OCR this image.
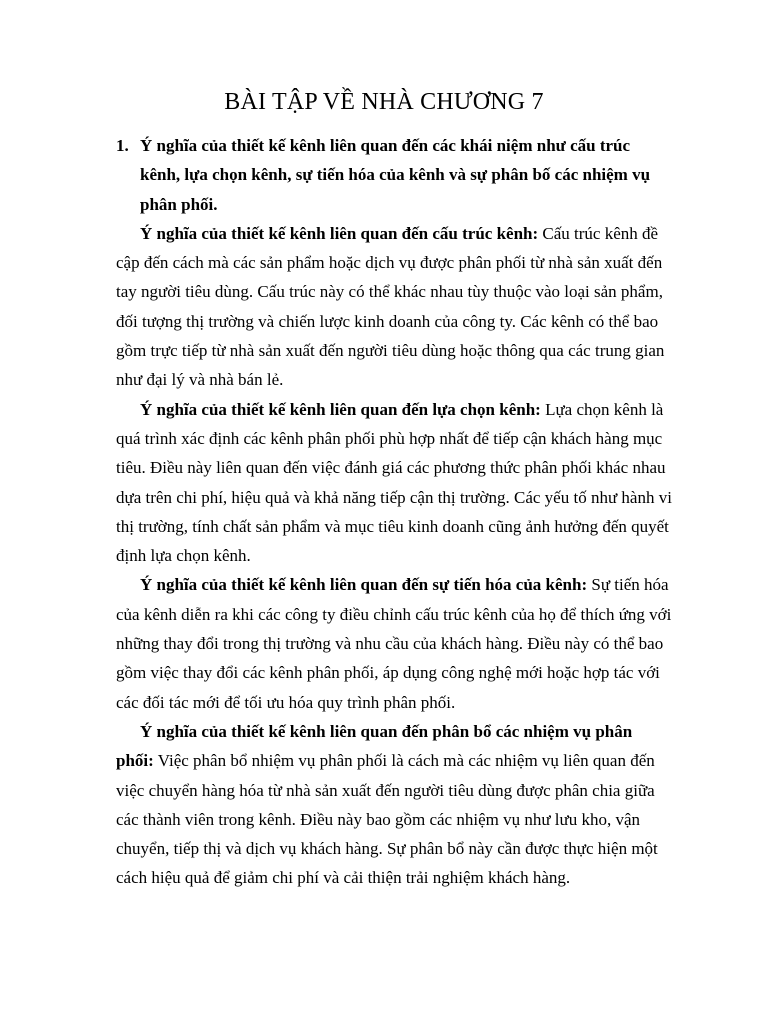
BÀI TẬP VỀ NHÀ CHƯƠNG 7
1. Ý nghĩa của thiết kế kênh liên quan đến các khái niệm như cấu trúc kênh, lựa chọn kênh, sự tiến hóa của kênh và sự phân bố các nhiệm vụ phân phối.

Ý nghĩa của thiết kế kênh liên quan đến cấu trúc kênh: Cấu trúc kênh đề cập đến cách mà các sản phẩm hoặc dịch vụ được phân phối từ nhà sản xuất đến tay người tiêu dùng. Cấu trúc này có thể khác nhau tùy thuộc vào loại sản phẩm, đối tượng thị trường và chiến lược kinh doanh của công ty. Các kênh có thể bao gồm trực tiếp từ nhà sản xuất đến người tiêu dùng hoặc thông qua các trung gian như đại lý và nhà bán lẻ.

Ý nghĩa của thiết kế kênh liên quan đến lựa chọn kênh: Lựa chọn kênh là quá trình xác định các kênh phân phối phù hợp nhất để tiếp cận khách hàng mục tiêu. Điều này liên quan đến việc đánh giá các phương thức phân phối khác nhau dựa trên chi phí, hiệu quả và khả năng tiếp cận thị trường. Các yếu tố như hành vi thị trường, tính chất sản phẩm và mục tiêu kinh doanh cũng ảnh hưởng đến quyết định lựa chọn kênh.

Ý nghĩa của thiết kế kênh liên quan đến sự tiến hóa của kênh: Sự tiến hóa của kênh diễn ra khi các công ty điều chỉnh cấu trúc kênh của họ để thích ứng với những thay đổi trong thị trường và nhu cầu của khách hàng. Điều này có thể bao gồm việc thay đổi các kênh phân phối, áp dụng công nghệ mới hoặc hợp tác với các đối tác mới để tối ưu hóa quy trình phân phối.

Ý nghĩa của thiết kế kênh liên quan đến phân bổ các nhiệm vụ phân phối: Việc phân bổ nhiệm vụ phân phối là cách mà các nhiệm vụ liên quan đến việc chuyển hàng hóa từ nhà sản xuất đến người tiêu dùng được phân chia giữa các thành viên trong kênh. Điều này bao gồm các nhiệm vụ như lưu kho, vận chuyển, tiếp thị và dịch vụ khách hàng. Sự phân bổ này cần được thực hiện một cách hiệu quả để giảm chi phí và cải thiện trải nghiệm khách hàng.
